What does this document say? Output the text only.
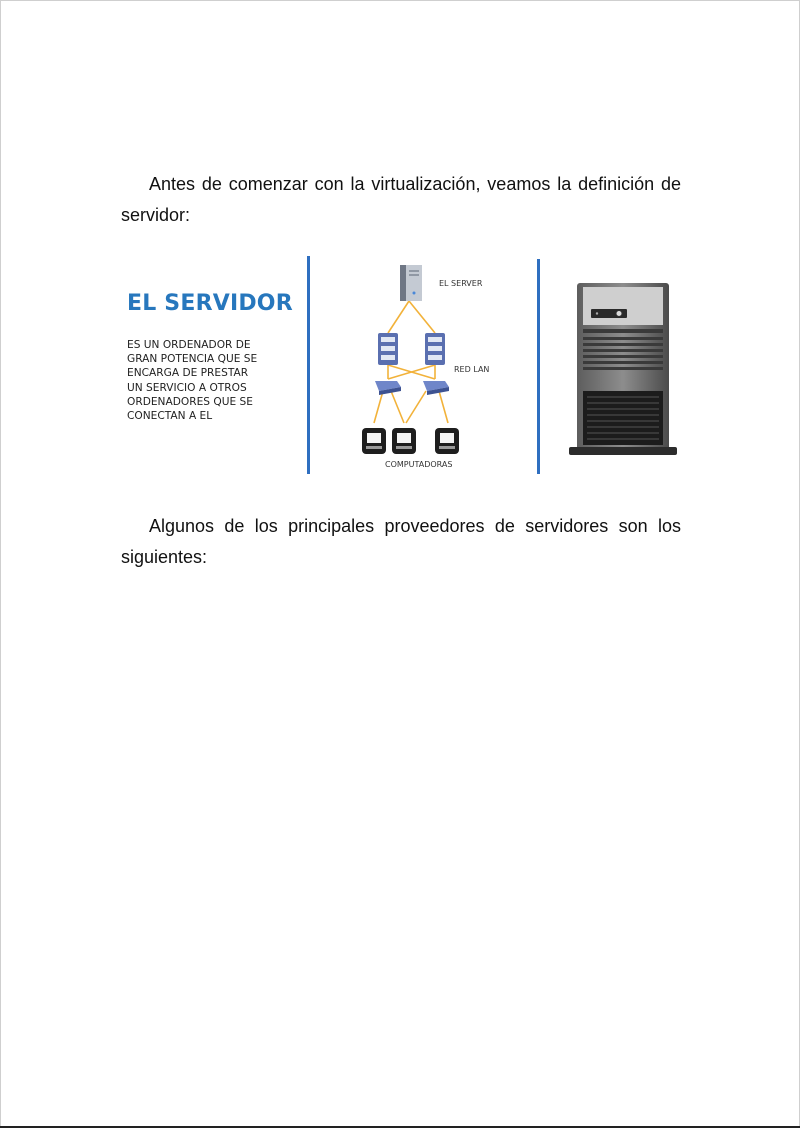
Antes de comenzar con la virtualización, veamos la definición de
servidor:

EL SERVIDOR
ES UN ORDENADOR DE
GRAN POTENCIA QUE SE
ENCARGA DE PRESTAR
UN SERVICIO A OTROS
ORDENADORES QUE SE
CONECTAN A EL
EL SERVER
RED LAN
COMPUTADORAS

Algunos de los principales proveedores de servidores son los
siguientes:
